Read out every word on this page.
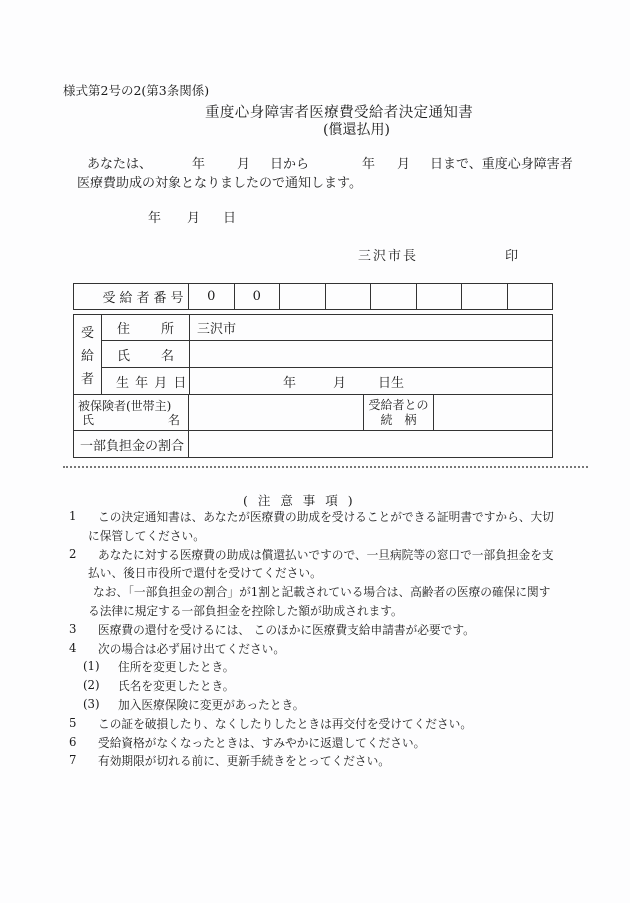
様式第2号の2(第3条関係)
重度心身障害者医療費受給者決定通知書
(償還払用)
あなたは、	年 月 日から	年 月 日まで、重度心身障害者
医療費助成の対象となりましたので通知します。
年 月 日
三沢市長	印
受給者番号	0	0
受
給
者
住 所	三沢市
氏 名
生 年 月 日	年	月 日生
被保険者(世帯主)
氏	名
受給者との
続　柄
一部負担金の割合
( 注 意 事 項 )
1 この決定通知書は、あなたが医療費の助成を受けることができる証明書ですから、大切
に保管してください。
2 あなたに対する医療費の助成は償還払いですので、一旦病院等の窓口で一部負担金を支
払い、後日市役所で還付を受けてください。
なお、「一部負担金の割合」が1割と記載されている場合は、高齢者の医療の確保に関す
る法律に規定する一部負担金を控除した額が助成されます。
3 医療費の還付を受けるには、 このほかに医療費支給申請書が必要です。
4 次の場合は必ず届け出てください。
(1) 住所を変更したとき。
(2) 氏名を変更したとき。
(3) 加入医療保険に変更があったとき。
5 この証を破損したり、なくしたりしたときは再交付を受けてください。
6 受給資格がなくなったときは、すみやかに返還してください。
7 有効期限が切れる前に、更新手続きをとってください。
